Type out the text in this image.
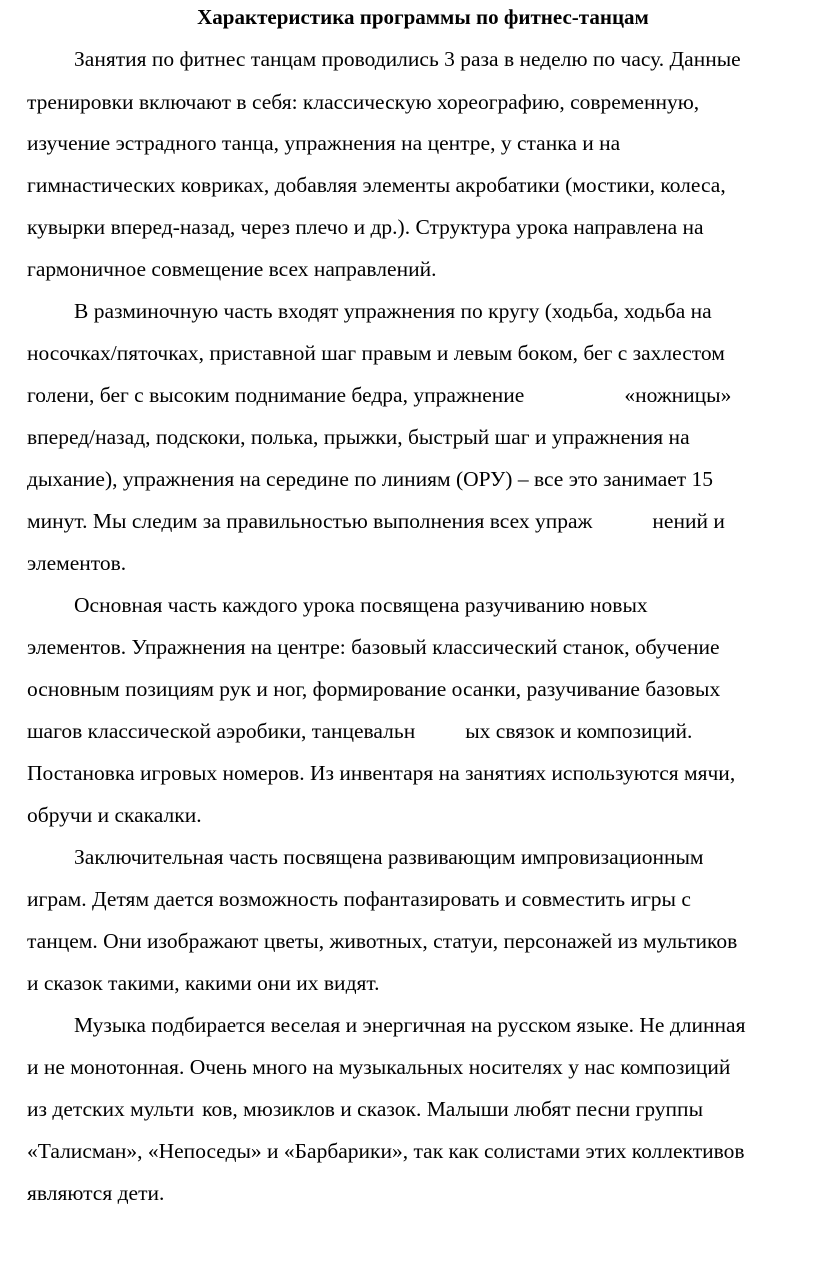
Характеристика программы по фитнес-танцам
Занятия по фитнес танцам проводились 3 раза в неделю по часу. Данные
тренировки включают в себя: классическую хореографию, современную,
изучение эстрадного танца, упражнения на центре, у станка и на
гимнастических ковриках, добавляя элементы акробатики (мостики, колеса,
кувырки вперед-назад, через плечо и др.). Структура урока направлена на
гармоничное совмещение всех направлений.
В разминочную часть входят упражнения по кругу (ходьба, ходьба на
носочках/пяточках, приставной шаг правым и левым боком, бег с захлестом
голени, бег с высоким поднимание бедра, упражнение	«ножницы»
вперед/назад, подскоки, полька, прыжки, быстрый шаг и упражнения на
дыхание), упражнения на середине по линиям (ОРУ) – все это занимает 15
минут. Мы следим за правильностью выполнения всех упраж	нений и
элементов.
Основная часть каждого урока посвящена разучиванию новых
элементов. Упражнения на центре: базовый классический станок, обучение
основным позициям рук и ног, формирование осанки, разучивание базовых
шагов классической аэробики, танцевальн ых связок и композиций.
Постановка игровых номеров. Из инвентаря на занятиях используются мячи,
обручи и скакалки.
Заключительная часть посвящена развивающим импровизационным
играм. Детям дается возможность пофантазировать и совместить игры с
танцем. Они изображают цветы, животных, статуи, персонажей из мультиков
и сказок такими, какими они их видят.
Музыка подбирается веселая и энергичная на русском языке. Не длинная
и не монотонная. Очень много на музыкальных носителях у нас композиций
из детских мульти ков, мюзиклов и сказок. Малыши любят песни группы
«Талисман», «Непоседы» и «Барбарики», так как солистами этих коллективов
являются дети.
